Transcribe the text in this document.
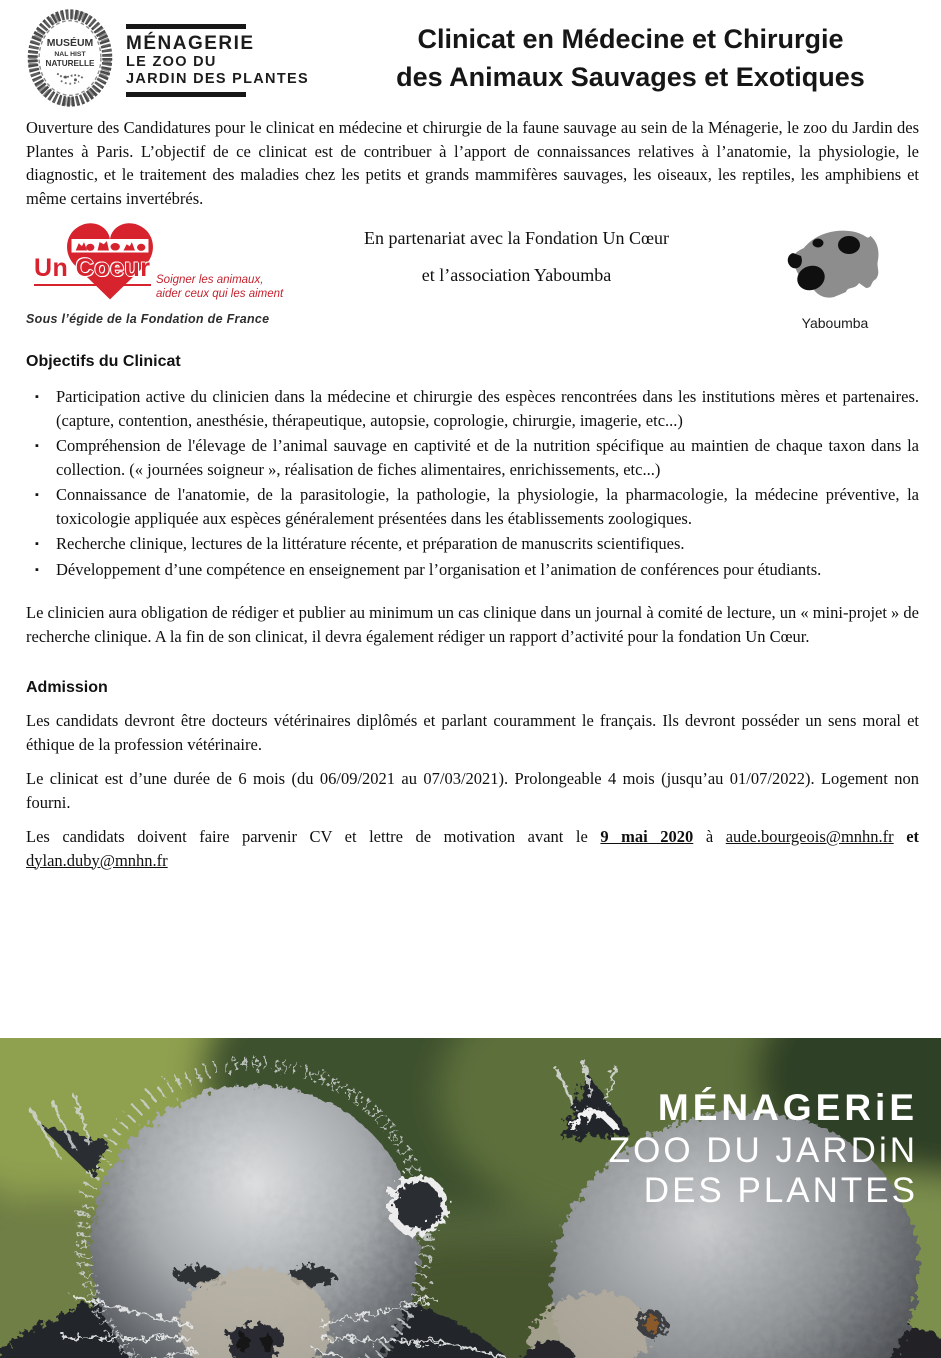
MUSÉUM
NAL HIST
NATURELLE
MÉNAGERIE
LE ZOO DU
JARDIN DES PLANTES
Clinicat en Médecine et Chirurgie
des Animaux Sauvages et Exotiques

Ouverture des Candidatures pour le clinicat en médecine et chirurgie de la faune sauvage au sein de la Ménagerie, le zoo du Jardin des Plantes à Paris. L’objectif de ce clinicat est de contribuer à l’apport de connaissances relatives à l’anatomie, la physiologie, le diagnostic, et le traitement des maladies chez les petits et grands mammifères sauvages, les oiseaux, les reptiles, les amphibiens et même certains invertébrés.

Un Coeur Soigner les animaux,
aider ceux qui les aiment
Sous l’égide de la Fondation de France
En partenariat avec la Fondation Un Cœur
et l’association Yaboumba
Yaboumba
Objectifs du Clinicat
▪ Participation active du clinicien dans la médecine et chirurgie des espèces rencontrées dans les institutions mères et partenaires. (capture, contention, anesthésie, thérapeutique, autopsie, coprologie, chirurgie, imagerie, etc...)
▪ Compréhension de l'élevage de l’animal sauvage en captivité et de la nutrition spécifique au maintien de chaque taxon dans la collection. (« journées soigneur », réalisation de fiches alimentaires, enrichissements, etc...)
▪ Connaissance de l'anatomie, de la parasitologie, la pathologie, la physiologie, la pharmacologie, la médecine préventive, la toxicologie appliquée aux espèces généralement présentées dans les établissements zoologiques.
▪ Recherche clinique, lectures de la littérature récente, et préparation de manuscrits scientifiques.
▪ Développement d’une compétence en enseignement par l’organisation et l’animation de conférences pour étudiants.

Le clinicien aura obligation de rédiger et publier au minimum un cas clinique dans un journal à comité de lecture, un « mini-projet » de recherche clinique. A la fin de son clinicat, il devra également rédiger un rapport d’activité pour la fondation Un Cœur.

Admission

Les candidats devront être docteurs vétérinaires diplômés et parlant couramment le français. Ils devront posséder un sens moral et éthique de la profession vétérinaire.

Le clinicat est d’une durée de 6 mois (du 06/09/2021 au 07/03/2021). Prolongeable 4 mois (jusqu’au 01/07/2022). Logement non fourni.

Les candidats doivent faire parvenir CV et lettre de motivation avant le 9 mai 2020 à aude.bourgeois@mnhn.fr et dylan.duby@mnhn.fr

MÉNAGERiE
ZOO DU JARDiN
DES PLANTES
